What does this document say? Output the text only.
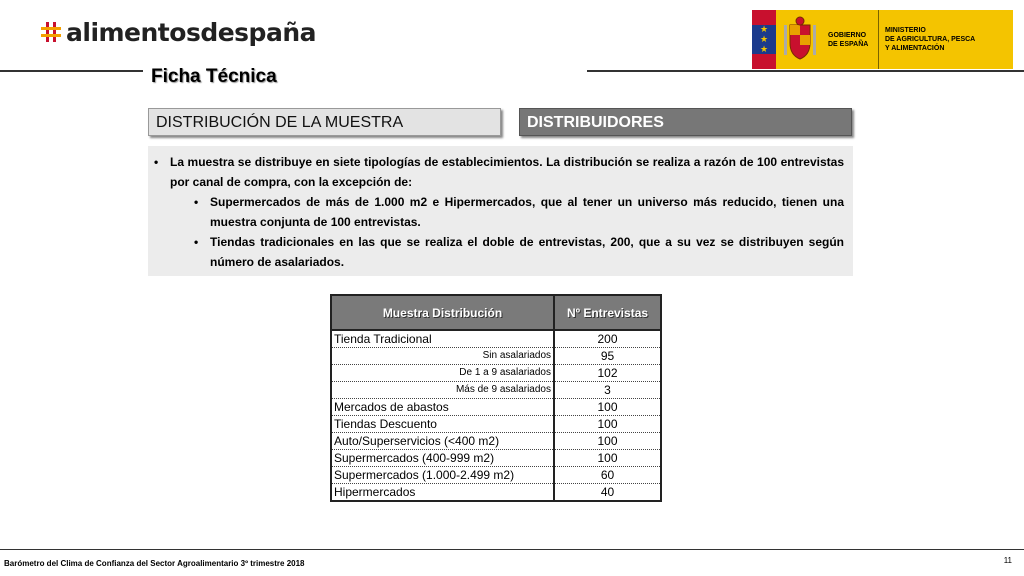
alimentosdespaña	★
★
★
GOBIERNO
DE ESPAÑA
MINISTERIO
DE AGRICULTURA, PESCA
Y ALIMENTACIÓN
Ficha Técnica
DISTRIBUCIÓN DE LA MUESTRA	DISTRIBUIDORES
• La muestra se distribuye en siete tipologías de establecimientos. La distribución se realiza a razón de 100 entrevistas por canal de compra, con la excepción de:
• Supermercados de más de 1.000 m2 e Hipermercados, que al tener un universo más reducido, tienen una muestra conjunta de 100 entrevistas.
• Tiendas tradicionales en las que se realiza el doble de entrevistas, 200, que a su vez se distribuyen según número de asalariados.
Muestra Distribución	Nº Entrevistas
Tienda Tradicional	200
Sin asalariados	95
De 1 a 9 asalariados	102
Más de 9 asalariados	3
Mercados de abastos	100
Tiendas Descuento	100
Auto/Superservicios (<400 m2)	100
Supermercados (400-999 m2)	100
Supermercados (1.000-2.499 m2)	60
Hipermercados	40
Barómetro del Clima de Confianza del Sector Agroalimentario 3º trimestre 2018	11
